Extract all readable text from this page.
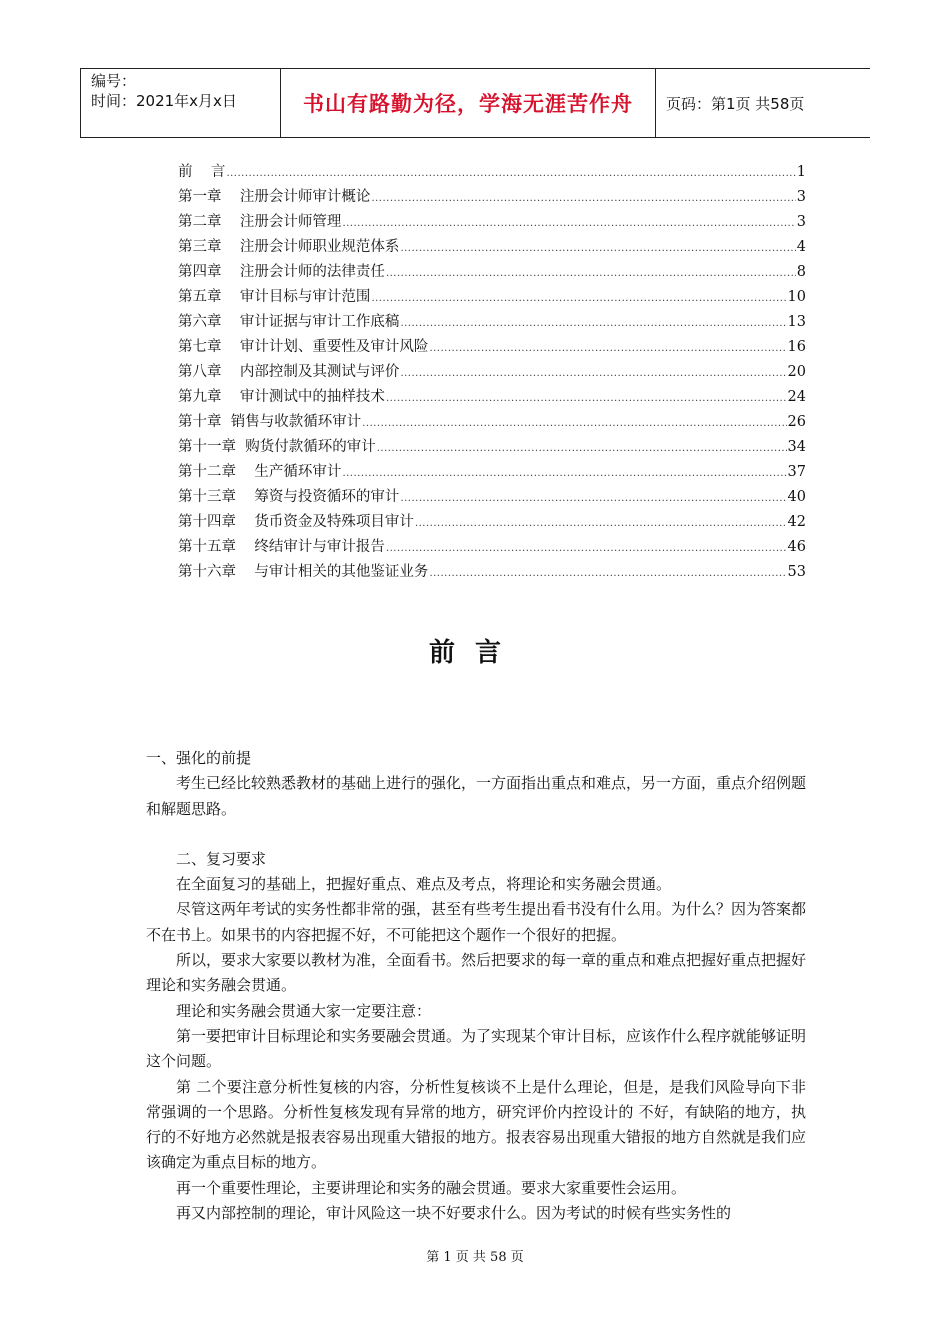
编号：
时间：2021年x月x日	书山有路勤为径，学海无涯苦作舟	页码：第1页 共58页
前    言 .....	1
第一章    注册会计师审计概论 .....	3
第二章    注册会计师管理 .....	3
第三章    注册会计师职业规范体系 .....	4
第四章    注册会计师的法律责任 .....	8
第五章    审计目标与审计范围 .....	10
第六章    审计证据与审计工作底稿 .....	13
第七章    审计计划、重要性及审计风险 .....	16
第八章    内部控制及其测试与评价 .....	20
第九章    审计测试中的抽样技术 .....	24
第十章  销售与收款循环审计 .....	26
第十一章  购货付款循环的审计 .....	34
第十二章    生产循环审计 .....	37
第十三章    筹资与投资循环的审计 .....	40
第十四章    货币资金及特殊项目审计 .....	42
第十五章    终结审计与审计报告 .....	46
第十六章    与审计相关的其他鉴证业务 .....	53
前言

一、强化的前提

考生已经比较熟悉教材的基础上进行的强化，一方面指出重点和难点，另一方面，重点介绍例题和解题思路。

二、复习要求

在全面复习的基础上，把握好重点、难点及考点，将理论和实务融会贯通。

尽管这两年考试的实务性都非常的强，甚至有些考生提出看书没有什么用。为什么？因为答案都不在书上。如果书的内容把握不好，不可能把这个题作一个很好的把握。

所以，要求大家要以教材为准，全面看书。然后把要求的每一章的重点和难点把握好重点把握好理论和实务融会贯通。

理论和实务融会贯通大家一定要注意：

第一要把审计目标理论和实务要融会贯通。为了实现某个审计目标，应该作什么程序就能够证明这个问题。

第 二个要注意分析性复核的内容，分析性复核谈不上是什么理论，但是，是我们风险导向下非常强调的一个思路。分析性复核发现有异常的地方，研究评价内控设计的 不好，有缺陷的地方，执行的不好地方必然就是报表容易出现重大错报的地方。报表容易出现重大错报的地方自然就是我们应该确定为重点目标的地方。

再一个重要性理论，主要讲理论和实务的融会贯通。要求大家重要性会运用。

再又内部控制的理论，审计风险这一块不好要求什么。因为考试的时候有些实务性的

第 1 页 共 58 页
